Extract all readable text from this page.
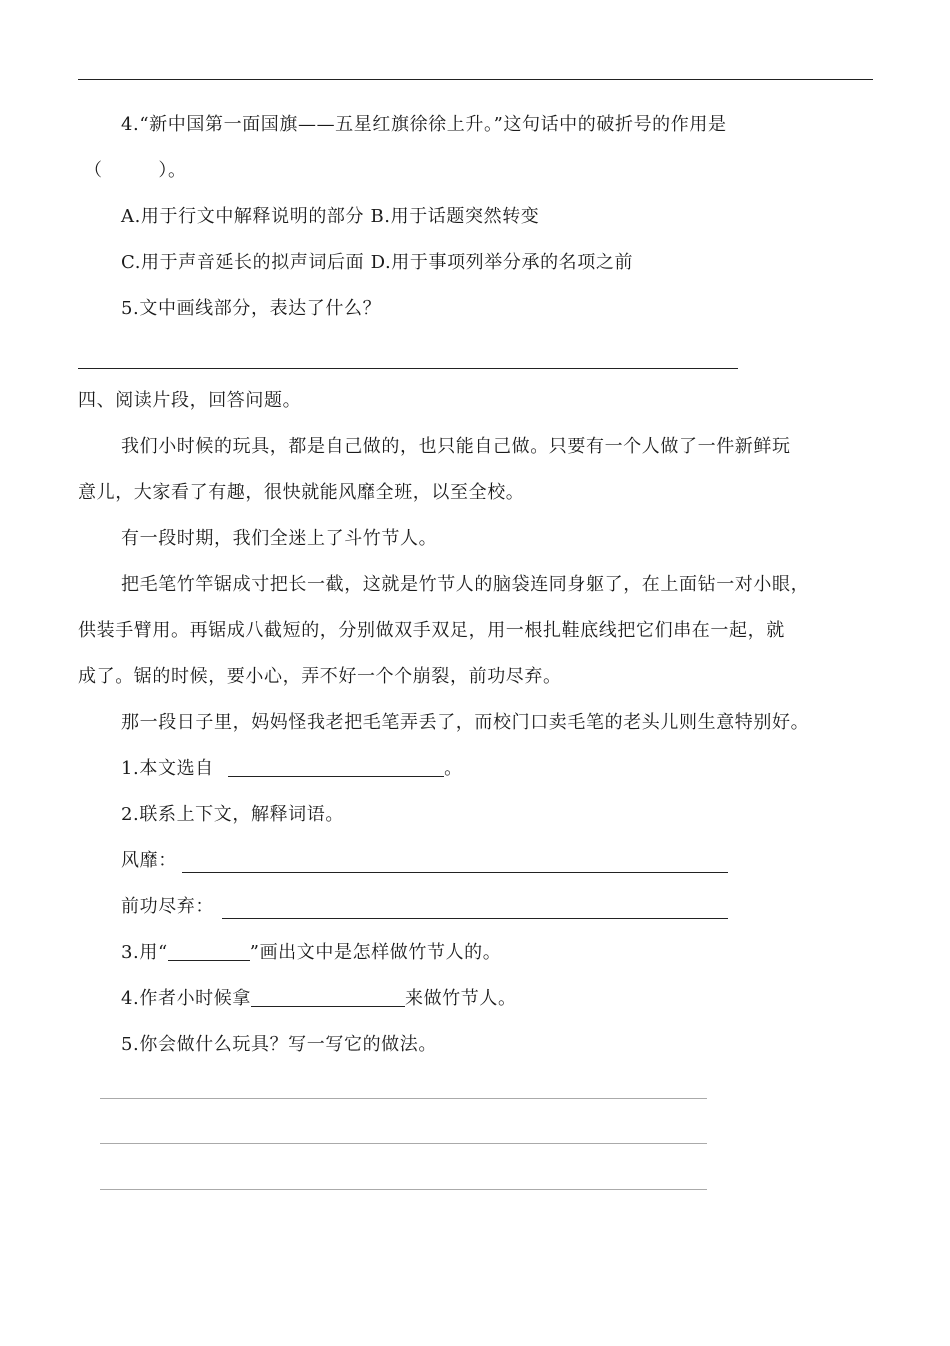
4.“新中国第一面国旗——五星红旗徐徐上升。”这句话中的破折号的作用是
（　　　）。
A.用于行文中解释说明的部分 B.用于话题突然转变
C.用于声音延长的拟声词后面 D.用于事项列举分承的名项之前
5.文中画线部分，表达了什么？
四、阅读片段，回答问题。
我们小时候的玩具，都是自己做的，也只能自己做。只要有一个人做了一件新鲜玩
意儿，大家看了有趣，很快就能风靡全班，以至全校。
有一段时期，我们全迷上了斗竹节人。
把毛笔竹竿锯成寸把长一截，这就是竹节人的脑袋连同身躯了，在上面钻一对小眼，
供装手臂用。再锯成八截短的，分别做双手双足，用一根扎鞋底线把它们串在一起，就
成了。锯的时候，要小心，弄不好一个个崩裂，前功尽弃。
那一段日子里，妈妈怪我老把毛笔弄丢了，而校门口卖毛笔的老头儿则生意特别好。
1.本文选自	。
2.联系上下文，解释词语。
风靡：
前功尽弃：
3.用“	”画出文中是怎样做竹节人的。
4.作者小时候拿	来做竹节人。
5.你会做什么玩具？写一写它的做法。
